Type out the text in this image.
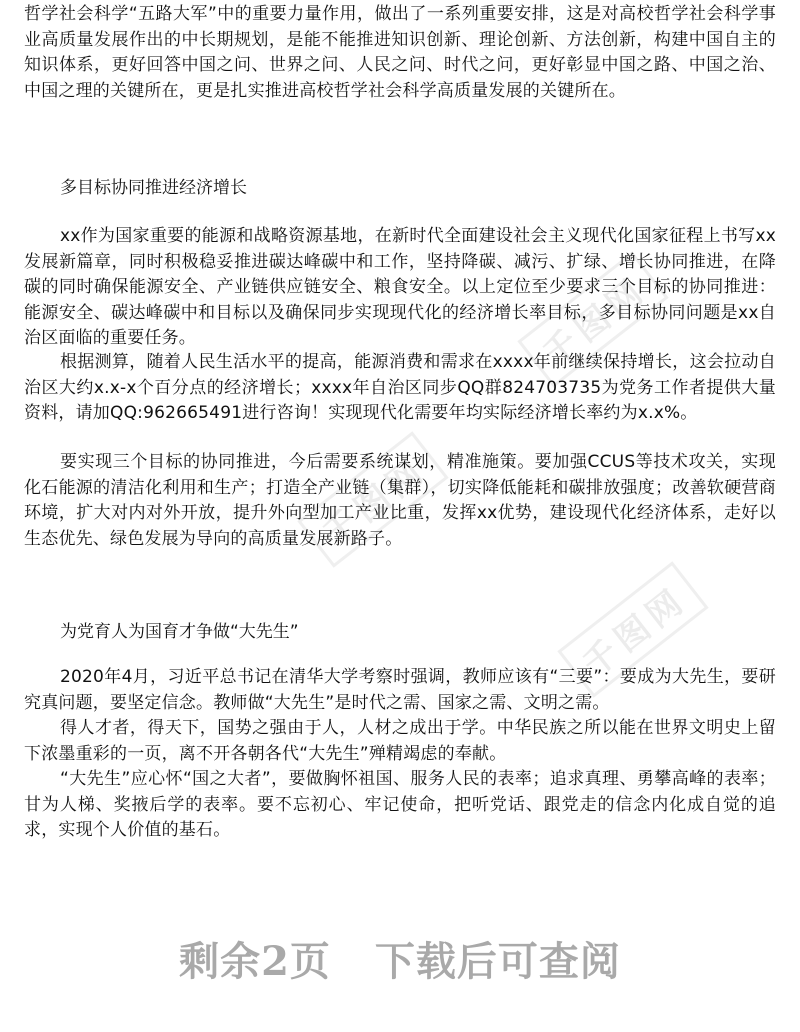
千图网
千图网
千图网

哲学社会科学“五路大军”中的重要力量作用，做出了一系列重要安排，这是对高校哲学社会科学事业高质量发展作出的中长期规划，是能不能推进知识创新、理论创新、方法创新，构建中国自主的知识体系，更好回答中国之问、世界之问、人民之问、时代之问，更好彰显中国之路、中国之治、中国之理的关键所在，更是扎实推进高校哲学社会科学高质量发展的关键所在。

多目标协同推进经济增长

xx作为国家重要的能源和战略资源基地，在新时代全面建设社会主义现代化国家征程上书写xx发展新篇章，同时积极稳妥推进碳达峰碳中和工作，坚持降碳、减污、扩绿、增长协同推进，在降碳的同时确保能源安全、产业链供应链安全、粮食安全。以上定位至少要求三个目标的协同推进：能源安全、碳达峰碳中和目标以及确保同步实现现代化的经济增长率目标，多目标协同问题是xx自治区面临的重要任务。

根据测算，随着人民生活水平的提高，能源消费和需求在xxxx年前继续保持增长，这会拉动自治区大约x.x-x个百分点的经济增长；xxxx年自治区同步QQ群824703735为党务工作者提供大量资料，请加QQ:962665491进行咨询！实现现代化需要年均实际经济增长率约为x.x%。

要实现三个目标的协同推进，今后需要系统谋划，精准施策。要加强CCUS等技术攻关，实现化石能源的清洁化利用和生产；打造全产业链（集群），切实降低能耗和碳排放强度；改善软硬营商环境，扩大对内对外开放，提升外向型加工产业比重，发挥xx优势，建设现代化经济体系，走好以生态优先、绿色发展为导向的高质量发展新路子。

为党育人为国育才争做“大先生”

2020年4月，习近平总书记在清华大学考察时强调，教师应该有“三要”：要成为大先生，要研究真问题，要坚定信念。教师做“大先生”是时代之需、国家之需、文明之需。

得人才者，得天下，国势之强由于人，人材之成出于学。中华民族之所以能在世界文明史上留下浓墨重彩的一页，离不开各朝各代“大先生”殚精竭虑的奉献。

“大先生”应心怀“国之大者”，要做胸怀祖国、服务人民的表率；追求真理、勇攀高峰的表率；甘为人梯、奖掖后学的表率。要不忘初心、牢记使命，把听党话、跟党走的信念内化成自觉的追求，实现个人价值的基石。

剩余2页 下载后可查阅
